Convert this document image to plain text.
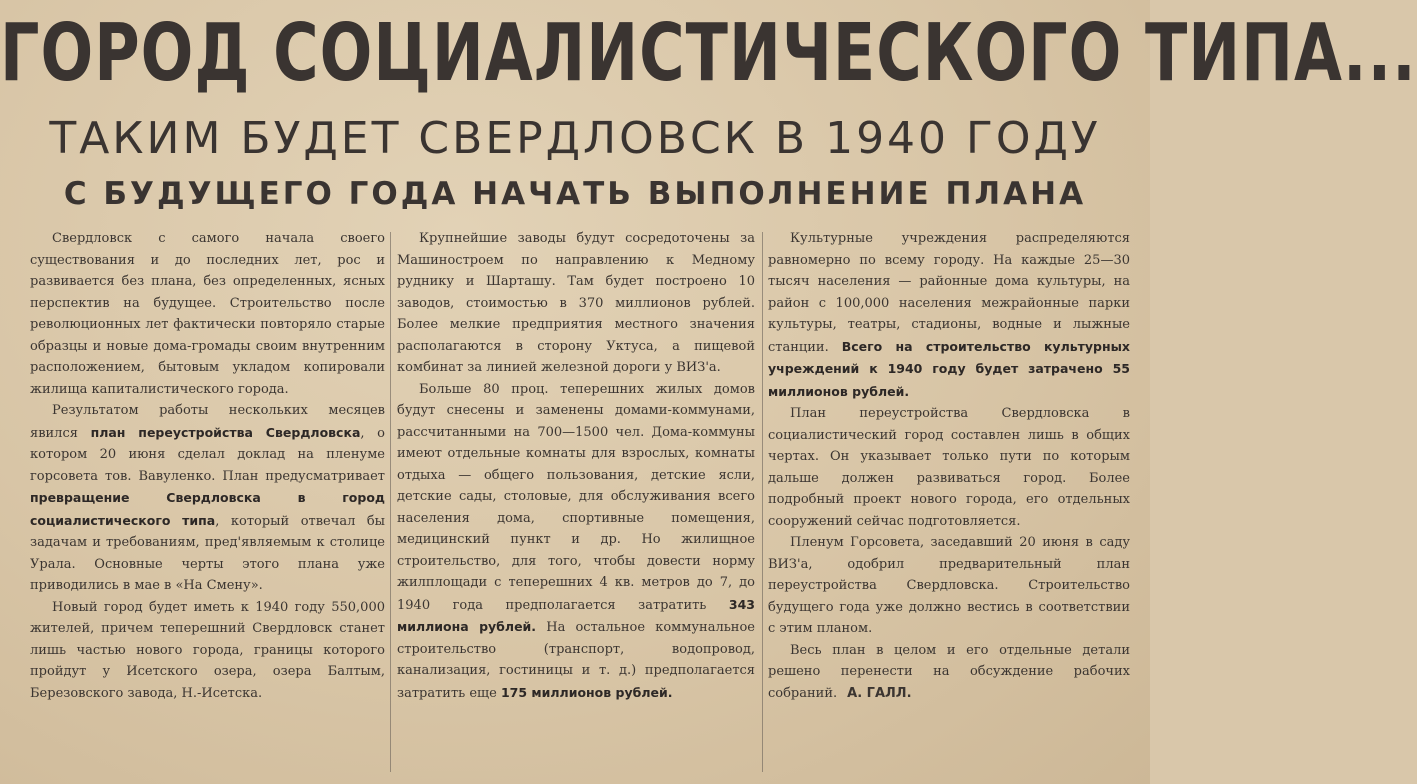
ГОРОД СОЦИАЛИСТИЧЕСКОГО ТИПА...
ТАКИМ БУДЕТ СВЕРДЛОВСК В 1940 ГОДУ
С БУДУЩЕГО ГОДА НАЧАТЬ ВЫПОЛНЕНИЕ ПЛАНА

Свердловск с самого начала своего существования и до последних лет, рос и развивается без плана, без определенных, ясных перспектив на будущее. Строительство после революционных лет фактически повторяло старые образцы и новые дома-громады своим внутренним расположением, бытовым укладом копировали жилища капиталистического города.

Результатом работы нескольких месяцев явился план переустройства Свердловска, о котором 20 июня сделал доклад на пленуме горсовета тов. Вавуленко. План предусматривает превращение Свердловска в город социалистического типа, который отвечал бы задачам и требованиям, пред'являемым к столице Урала. Основные черты этого плана уже приводились в мае в «На Смену».

Новый город будет иметь к 1940 году 550,000 жителей, причем теперешний Свердловск станет лишь частью нового города, границы которого пройдут у Исетского озера, озера Балтым, Березовского завода, Н.-Исетска.

Крупнейшие заводы будут сосредоточены за Машиностроем по направлению к Медному руднику и Шарташу. Там будет построено 10 заводов, стоимостью в 370 миллионов рублей. Более мелкие предприятия местного значения располагаются в сторону Уктуса, а пищевой комбинат за линией железной дороги у ВИЗ'а.

Больше 80 проц. теперешних жилых домов будут снесены и заменены домами-коммунами, рассчитанными на 700—1500 чел. Дома-коммуны имеют отдельные комнаты для взрослых, комнаты отдыха — общего пользования, детские ясли, детские сады, столовые, для обслуживания всего населения дома, спортивные помещения, медицинский пункт и др. Но жилищное строительство, для того, чтобы довести норму жилплощади с теперешних 4 кв. метров до 7, до 1940 года предполагается затратить 343 миллиона рублей. На остальное коммунальное строительство (транспорт, водопровод, канализация, гостиницы и т. д.) предполагается затратить еще 175 миллионов рублей.

Культурные учреждения распределяются равномерно по всему городу. На каждые 25—30 тысяч населения — районные дома культуры, на район с 100,000 населения межрайонные парки культуры, театры, стадионы, водные и лыжные станции. Всего на строительство культурных учреждений к 1940 году будет затрачено 55 миллионов рублей.

План переустройства Свердловска в социалистический город составлен лишь в общих чертах. Он указывает только пути по которым дальше должен развиваться город. Более подробный проект нового города, его отдельных сооружений сейчас подготовляется.

Пленум Горсовета, заседавший 20 июня в саду ВИЗ'а, одобрил предварительный план переустройства Свердловска. Строительство будущего года уже должно вестись в соответствии с этим планом.

Весь план в целом и его отдельные детали решено перенести на обсуждение рабочих собраний. А. ГАЛЛ.
